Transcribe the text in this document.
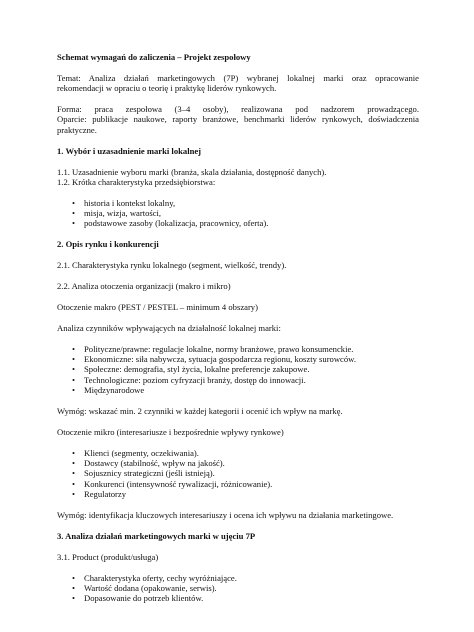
Schemat wymagań do zaliczenia – Projekt zespołowy

Temat: Analiza działań marketingowych (7P) wybranej lokalnej marki oraz opracowanie

rekomendacji w opraciu o teorię i praktykę liderów rynkowych.

Forma: praca zespołowa (3–4 osoby), realizowana pod nadzorem prowadzącego.

Oparcie: publikacje naukowe, raporty branżowe, benchmarki liderów rynkowych, doświadczenia

praktyczne.

1. Wybór i uzasadnienie marki lokalnej

1.1. Uzasadnienie wyboru marki (branża, skala działania, dostępność danych).

1.2. Krótka charakterystyka przedsiębiorstwa:

• historia i kontekst lokalny,
• misja, wizja, wartości,
• podstawowe zasoby (lokalizacja, pracownicy, oferta).

2. Opis rynku i konkurencji

2.1. Charakterystyka rynku lokalnego (segment, wielkość, trendy).

2.2. Analiza otoczenia organizacji (makro i mikro)

Otoczenie makro (PEST / PESTEL – minimum 4 obszary)

Analiza czynników wpływających na działalność lokalnej marki:

• Polityczne/prawne: regulacje lokalne, normy branżowe, prawo konsumenckie.
• Ekonomiczne: siła nabywcza, sytuacja gospodarcza regionu, koszty surowców.
• Społeczne: demografia, styl życia, lokalne preferencje zakupowe.
• Technologiczne: poziom cyfryzacji branży, dostęp do innowacji.
• Międzynarodowe

Wymóg: wskazać min. 2 czynniki w każdej kategorii i ocenić ich wpływ na markę.

Otoczenie mikro (interesariusze i bezpośrednie wpływy rynkowe)

• Klienci (segmenty, oczekiwania).
• Dostawcy (stabilność, wpływ na jakość).
• Sojusznicy strategiczni (jeśli istnieją).
• Konkurenci (intensywność rywalizacji, różnicowanie).
• Regulatorzy

Wymóg: identyfikacja kluczowych interesariuszy i ocena ich wpływu na działania marketingowe.

3. Analiza działań marketingowych marki w ujęciu 7P

3.1. Product (produkt/usługa)

• Charakterystyka oferty, cechy wyróżniające.
• Wartość dodana (opakowanie, serwis).
• Dopasowanie do potrzeb klientów.
